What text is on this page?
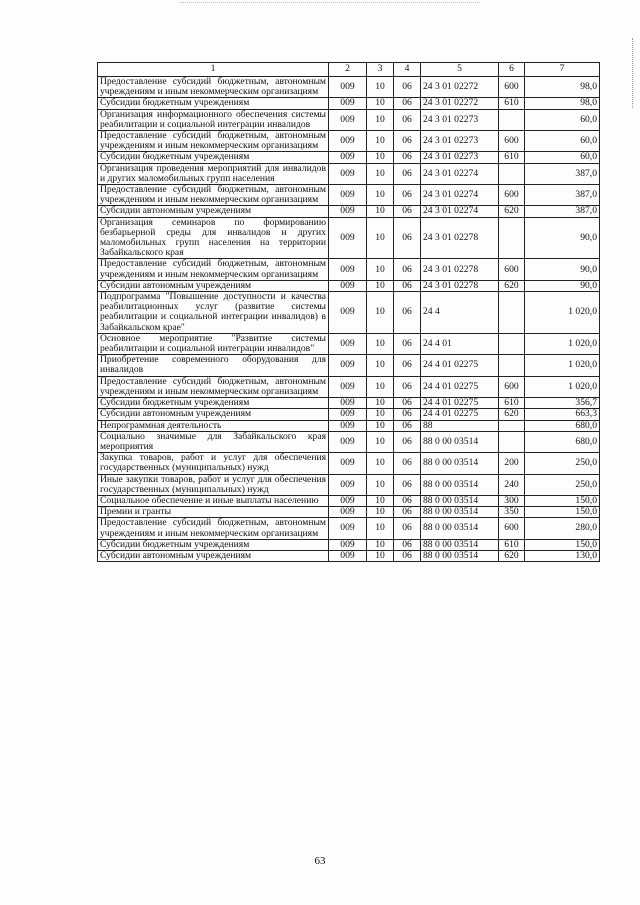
1	2	3	4	5	6	7
Предоставление субсидий бюджетным, автономным учреждениям и иным некоммерческим организациям	009	10	06	24 3 01 02272	600	98,0
Субсидии бюджетным учреждениям	009	10	06	24 3 01 02272	610	98,0
Организация информационного обеспечения системы реабилитации и социальной интеграции инвалидов	009	10	06	24 3 01 02273		60,0
Предоставление субсидий бюджетным, автономным учреждениям и иным некоммерческим организациям	009	10	06	24 3 01 02273	600	60,0
Субсидии бюджетным учреждениям	009	10	06	24 3 01 02273	610	60,0
Организация проведения мероприятий для инвалидов и других маломобильных групп населения	009	10	06	24 3 01 02274		387,0
Предоставление субсидий бюджетным, автономным учреждениям и иным некоммерческим организациям	009	10	06	24 3 01 02274	600	387,0
Субсидии автономным учреждениям	009	10	06	24 3 01 02274	620	387,0
Организация семинаров по формированию безбарьерной среды для инвалидов и других маломобильных групп населения на территории Забайкальского края	009	10	06	24 3 01 02278		90,0
Предоставление субсидий бюджетным, автономным учреждениям и иным некоммерческим организациям	009	10	06	24 3 01 02278	600	90,0
Субсидии автономным учреждениям	009	10	06	24 3 01 02278	620	90,0
Подпрограмма "Повышение доступности и качества реабилитационных услуг (развитие системы реабилитации и социальной интеграции инвалидов) в Забайкальском крае"	009	10	06	24 4		1 020,0
Основное мероприятие "Развитие системы реабилитации и социальной интеграции инвалидов"	009	10	06	24 4 01		1 020,0
Приобретение современного оборудования для инвалидов	009	10	06	24 4 01 02275		1 020,0
Предоставление субсидий бюджетным, автономным учреждениям и иным некоммерческим организациям	009	10	06	24 4 01 02275	600	1 020,0
Субсидии бюджетным учреждениям	009	10	06	24 4 01 02275	610	356,7
Субсидии автономным учреждениям	009	10	06	24 4 01 02275	620	663,3
Непрограммная деятельность	009	10	06	88		680,0
Социально значимые для Забайкальского края мероприятия	009	10	06	88 0 00 03514		680,0
Закупка товаров, работ и услуг для обеспечения государственных (муниципальных) нужд	009	10	06	88 0 00 03514	200	250,0
Иные закупки товаров, работ и услуг для обеспечения государственных (муниципальных) нужд	009	10	06	88 0 00 03514	240	250,0
Социальное обеспечение и иные выплаты населению	009	10	06	88 0 00 03514	300	150,0
Премии и гранты	009	10	06	88 0 00 03514	350	150,0
Предоставление субсидий бюджетным, автономным учреждениям и иным некоммерческим организациям	009	10	06	88 0 00 03514	600	280,0
Субсидии бюджетным учреждениям	009	10	06	88 0 00 03514	610	150,0
Субсидии автономным учреждениям	009	10	06	88 0 00 03514	620	130,0
63
